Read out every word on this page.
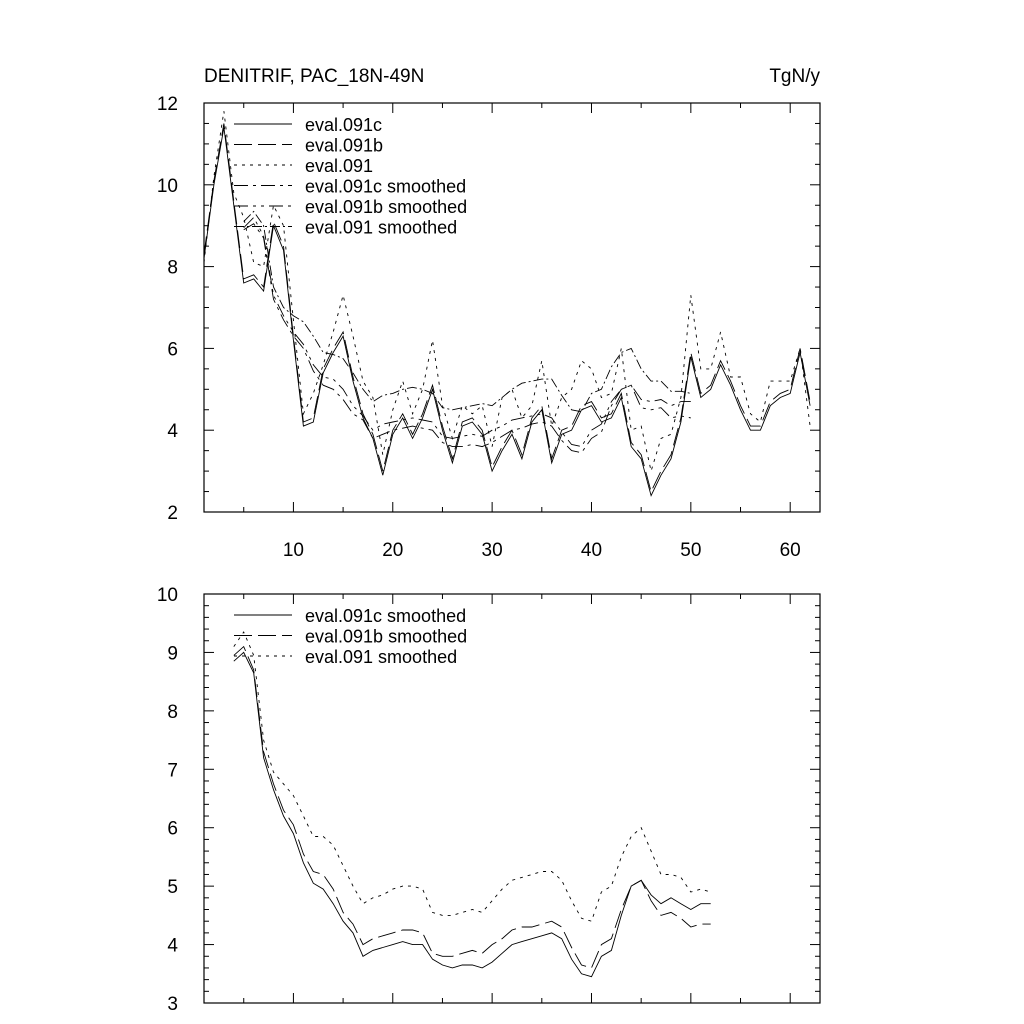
DENITRIF, PAC_18N-49N	TgN/y
2
4
6
8
10
12
10	20	30	40	50	60
eval.091c
eval.091b
eval.091
eval.091c smoothed
eval.091b smoothed
eval.091 smoothed
3
4
5
6
7
8
9
10
eval.091c smoothed
eval.091b smoothed
eval.091 smoothed
